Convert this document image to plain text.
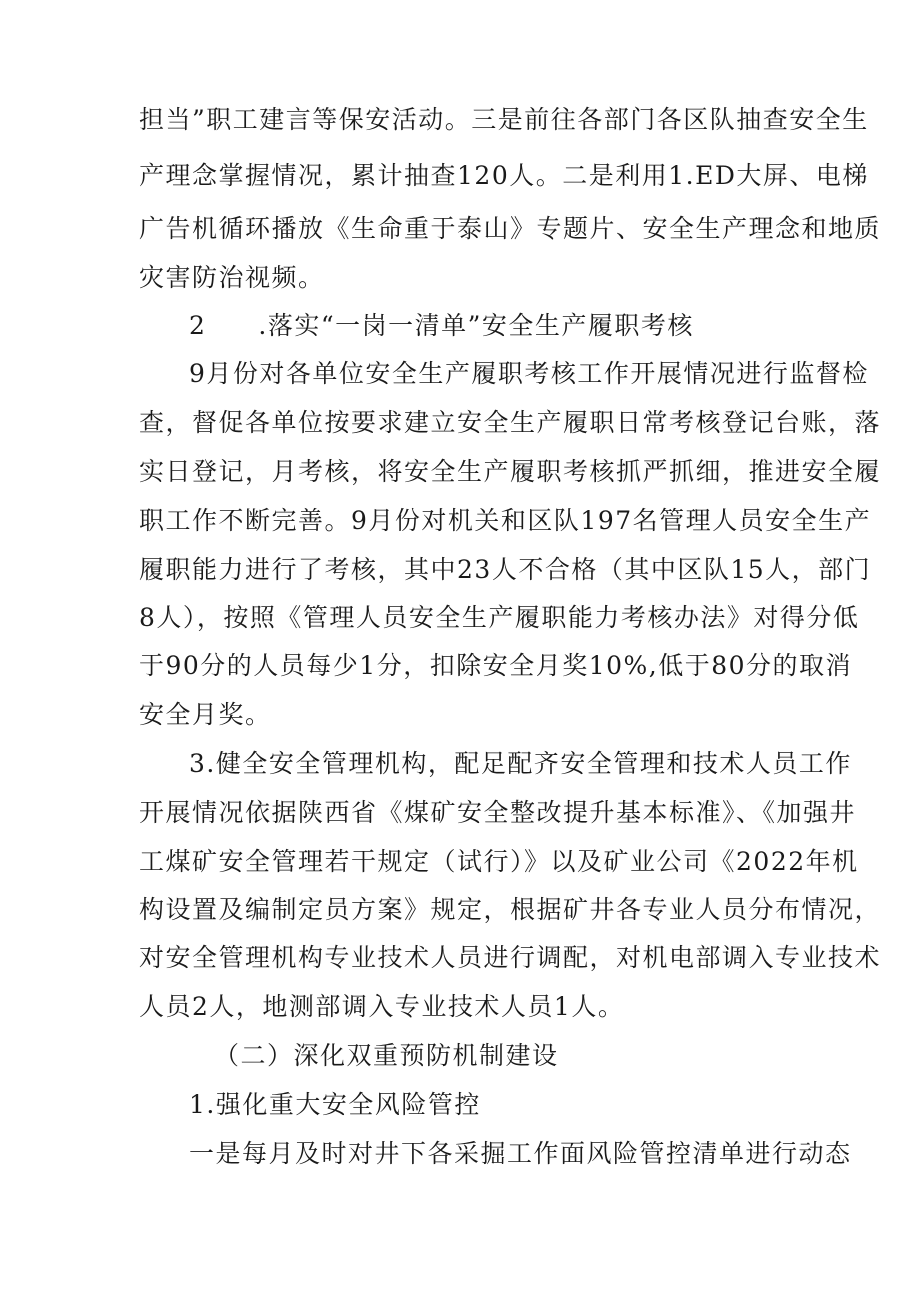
担当”职工建言等保安活动。三是前往各部门各区队抽查安全生
产理念掌握情况，累计抽查120人。二是利用1.ED大屏、电梯
广告机循环播放《生命重于泰山》专题片、安全生产理念和地质
灾害防治视频。
2 .落实“一岗一清单”安全生产履职考核
9月份对各单位安全生产履职考核工作开展情况进行监督检
查，督促各单位按要求建立安全生产履职日常考核登记台账，落
实日登记，月考核，将安全生产履职考核抓严抓细，推进安全履
职工作不断完善。9月份对机关和区队197名管理人员安全生产
履职能力进行了考核，其中23人不合格（其中区队15人，部门
8人），按照《管理人员安全生产履职能力考核办法》对得分低
于90分的人员每少1分，扣除安全月奖10%,低于80分的取消
安全月奖。
3.健全安全管理机构，配足配齐安全管理和技术人员工作
开展情况依据陕西省《煤矿安全整改提升基本标准》、《加强井
工煤矿安全管理若干规定（试行）》以及矿业公司《2022年机
构设置及编制定员方案》规定，根据矿井各专业人员分布情况，
对安全管理机构专业技术人员进行调配，对机电部调入专业技术
人员2人，地测部调入专业技术人员1人。
（二）深化双重预防机制建设
1.强化重大安全风险管控
一是每月及时对井下各采掘工作面风险管控清单进行动态
